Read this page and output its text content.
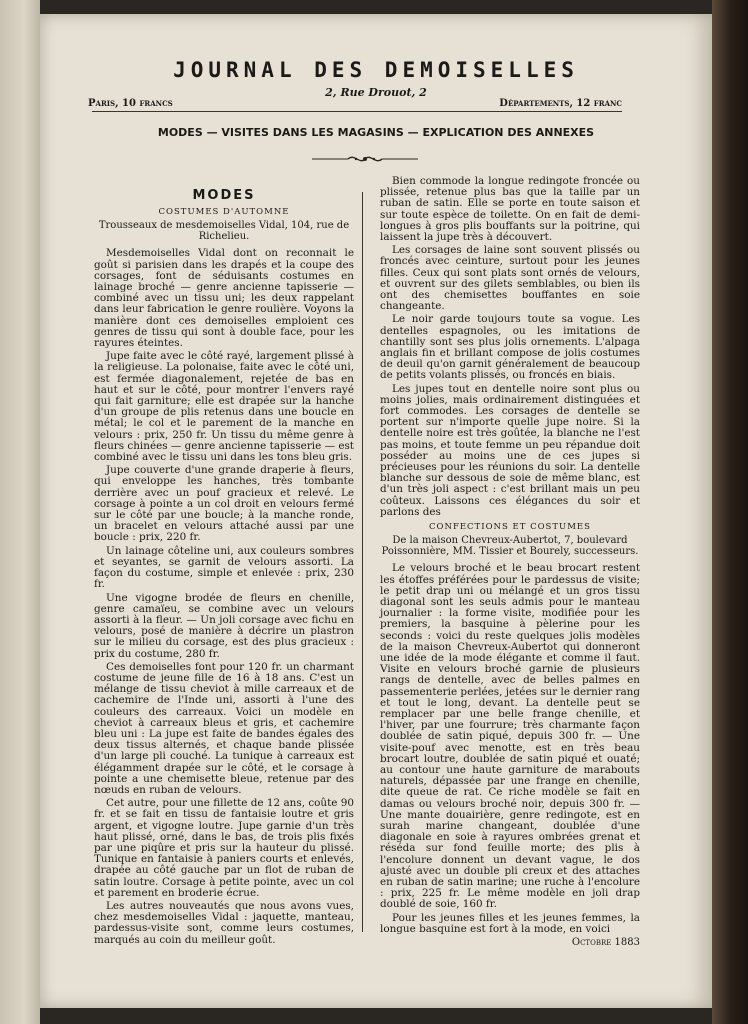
JOURNAL DES DEMOISELLES
2, Rue Drouot, 2
Paris, 10 francs	Départements, 12 franc
MODES — VISITES DANS LES MAGASINS — EXPLICATION DES ANNEXES
MODES
COSTUMES D'AUTOMNE
Trousseaux de mesdemoiselles Vidal, 104, rue de Richelieu.

Mesdemoiselles Vidal dont on reconnait le goût si parisien dans les drapés et la coupe des corsages, font de séduisants costumes en lainage broché — genre ancienne tapisserie — combiné avec un tissu uni; les deux rappelant dans leur fabrication le genre roulière. Voyons la manière dont ces demoiselles emploient ces genres de tissu qui sont à double face, pour les rayures éteintes.

Jupe faite avec le côté rayé, largement plissé à la religieuse. La polonaise, faite avec le côté uni, est fermée diagonalement, rejetée de bas en haut et sur le côté, pour montrer l'envers rayé qui fait garniture; elle est drapée sur la hanche d'un groupe de plis retenus dans une boucle en métal; le col et le parement de la manche en velours : prix, 250 fr. Un tissu du même genre à fleurs chinées — genre ancienne tapisserie — est combiné avec le tissu uni dans les tons bleu gris.

Jupe couverte d'une grande draperie à fleurs, qui enveloppe les hanches, très tombante derrière avec un pouf gracieux et relevé. Le corsage à pointe a un col droit en velours fermé sur le côté par une boucle; à la manche ronde, un bracelet en velours attaché aussi par une boucle : prix, 220 fr.

Un lainage côteline uni, aux couleurs sombres et seyantes, se garnit de velours assorti. La façon du costume, simple et enlevée : prix, 230 fr.

Une vigogne brodée de fleurs en chenille, genre camaïeu, se combine avec un velours assorti à la fleur. — Un joli corsage avec fichu en velours, posé de manière à décrire un plastron sur le milieu du corsage, est des plus gracieux : prix du costume, 280 fr.

Ces demoiselles font pour 120 fr. un charmant costume de jeune fille de 16 à 18 ans. C'est un mélange de tissu cheviot à mille carreaux et de cachemire de l'Inde uni, assorti à l'une des couleurs des carreaux. Voici un modèle en cheviot à carreaux bleus et gris, et cachemire bleu uni : La jupe est faite de bandes égales des deux tissus alternés, et chaque bande plissée d'un large pli couché. La tunique à carreaux est élégamment drapée sur le côté, et le corsage à pointe a une chemisette bleue, retenue par des nœuds en ruban de velours.

Cet autre, pour une fillette de 12 ans, coûte 90 fr. et se fait en tissu de fantaisie loutre et gris argent, et vigogne loutre. Jupe garnie d'un très haut plissé, orné, dans le bas, de trois plis fixés par une piqûre et pris sur la hauteur du plissé. Tunique en fantaisie à paniers courts et enlevés, drapée au côté gauche par un flot de ruban de satin loutre. Corsage à petite pointe, avec un col et parement en broderie écrue.

Les autres nouveautés que nous avons vues, chez mesdemoiselles Vidal : jaquette, manteau, pardessus-visite sont, comme leurs costumes, marqués au coin du meilleur goût.

Bien commode la longue redingote froncée ou plissée, retenue plus bas que la taille par un ruban de satin. Elle se porte en toute saison et sur toute espèce de toilette. On en fait de demi-longues à gros plis bouffants sur la poitrine, qui laissent la jupe très à découvert.

Les corsages de laine sont souvent plissés ou froncés avec ceinture, surtout pour les jeunes filles. Ceux qui sont plats sont ornés de velours, et ouvrent sur des gilets semblables, ou bien ils ont des chemisettes bouffantes en soie changeante.

Le noir garde toujours toute sa vogue. Les dentelles espagnoles, ou les imitations de chantilly sont ses plus jolis ornements. L'alpaga anglais fin et brillant compose de jolis costumes de deuil qu'on garnit généralement de beaucoup de petits volants plissés, ou froncés en biais.

Les jupes tout en dentelle noire sont plus ou moins jolies, mais ordinairement distinguées et fort commodes. Les corsages de dentelle se portent sur n'importe quelle jupe noire. Si la dentelle noire est très goûtée, la blanche ne l'est pas moins, et toute femme un peu répandue doit posséder au moins une de ces jupes si précieuses pour les réunions du soir. La dentelle blanche sur dessous de soie de même blanc, est d'un très joli aspect : c'est brillant mais un peu coûteux. Laissons ces élégances du soir et parlons des

CONFECTIONS ET COSTUMES
De la maison Chevreux-Aubertot, 7, boulevard Poissonnière, MM. Tissier et Bourely, successeurs.

Le velours broché et le beau brocart restent les étoffes préférées pour le pardessus de visite; le petit drap uni ou mélangé et un gros tissu diagonal sont les seuls admis pour le manteau journalier : la forme visite, modifiée pour les premiers, la basquine à pèlerine pour les seconds : voici du reste quelques jolis modèles de la maison Chevreux-Aubertot qui donneront une idée de la mode élégante et comme il faut. Visite en velours broché garnie de plusieurs rangs de dentelle, avec de belles palmes en passementerie perlées, jetées sur le dernier rang et tout le long, devant. La dentelle peut se remplacer par une belle frange chenille, et l'hiver, par une fourrure; très charmante façon doublée de satin piqué, depuis 300 fr. — Une visite-pouf avec menotte, est en très beau brocart loutre, doublée de satin piqué et ouaté; au contour une haute garniture de marabouts naturels, dépassée par une frange en chenille, dite queue de rat. Ce riche modèle se fait en damas ou velours broché noir, depuis 300 fr. — Une mante douairière, genre redingote, est en surah marine changeant, doublée d'une diagonale en soie à rayures ombrées grenat et réséda sur fond feuille morte; des plis à l'encolure donnent un devant vague, le dos ajusté avec un double pli creux et des attaches en ruban de satin marine; une ruche à l'encolure : prix, 225 fr. Le même modèle en joli drap doublé de soie, 160 fr.

Pour les jeunes filles et les jeunes femmes, la longue basquine est fort à la mode, en voici

Octobre 1883
